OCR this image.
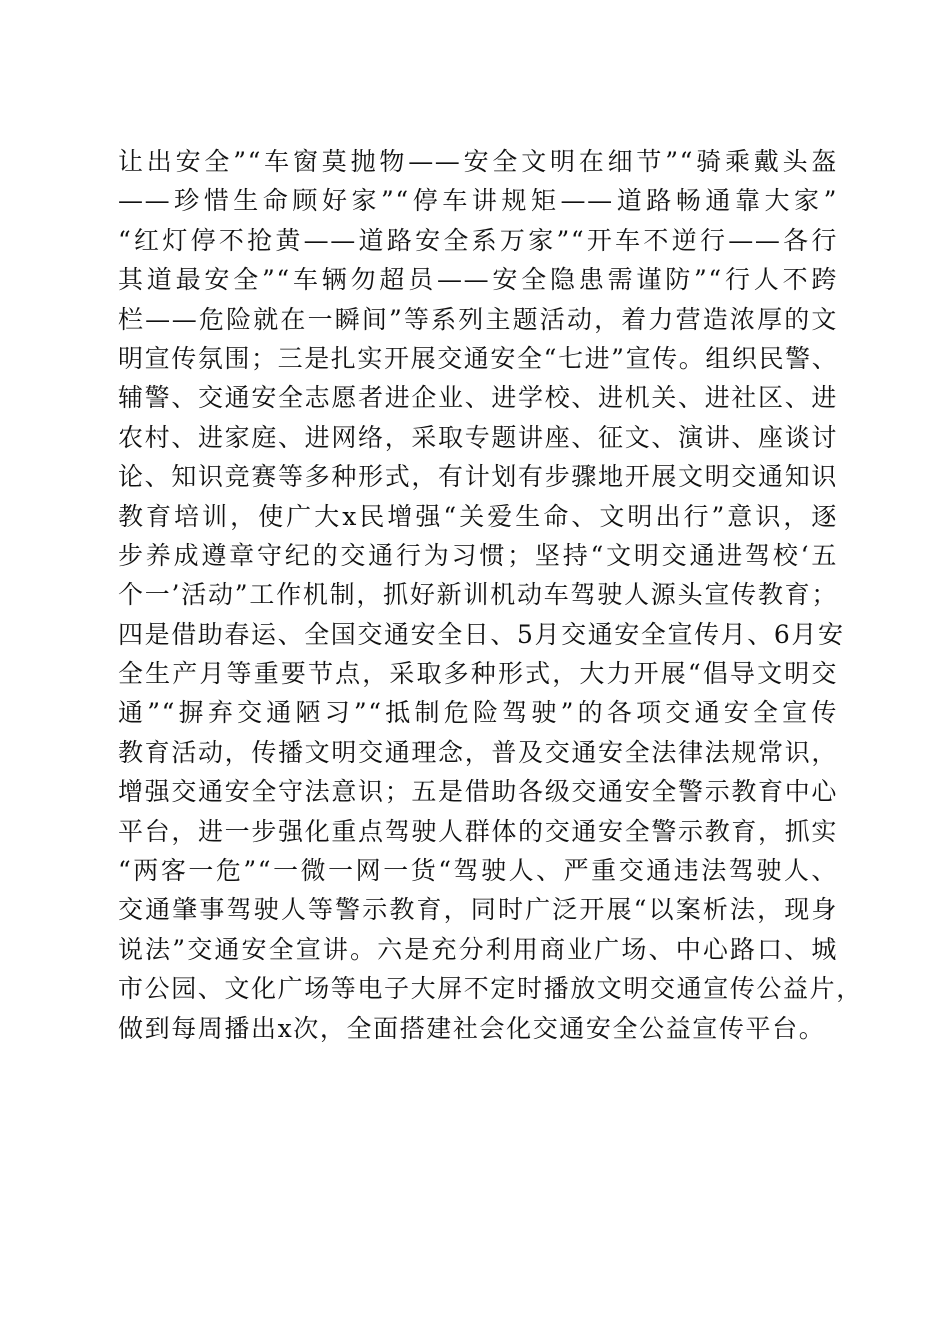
让出安全”“车窗莫抛物——安全文明在细节”“骑乘戴头盔
——珍惜生命顾好家”“停车讲规矩——道路畅通靠大家”
“红灯停不抢黄——道路安全系万家”“开车不逆行——各行
其道最安全”“车辆勿超员——安全隐患需谨防”“行人不跨
栏——危险就在一瞬间”等系列主题活动，着力营造浓厚的文
明宣传氛围；三是扎实开展交通安全“七进”宣传。组织民警、
辅警、交通安全志愿者进企业、进学校、进机关、进社区、进
农村、进家庭、进网络，采取专题讲座、征文、演讲、座谈讨
论、知识竞赛等多种形式，有计划有步骤地开展文明交通知识
教育培训，使广大x民增强“关爱生命、文明出行”意识，逐
步养成遵章守纪的交通行为习惯；坚持“文明交通进驾校‘五
个一’活动”工作机制，抓好新训机动车驾驶人源头宣传教育；
四是借助春运、全国交通安全日、5月交通安全宣传月、6月安
全生产月等重要节点，采取多种形式，大力开展“倡导文明交
通”“摒弃交通陋习”“抵制危险驾驶”的各项交通安全宣传
教育活动，传播文明交通理念，普及交通安全法律法规常识，
增强交通安全守法意识；五是借助各级交通安全警示教育中心
平台，进一步强化重点驾驶人群体的交通安全警示教育，抓实
“两客一危”“一微一网一货“驾驶人、严重交通违法驾驶人、
交通肇事驾驶人等警示教育，同时广泛开展“以案析法，现身
说法”交通安全宣讲。六是充分利用商业广场、中心路口、城
市公园、文化广场等电子大屏不定时播放文明交通宣传公益片，
做到每周播出x次，全面搭建社会化交通安全公益宣传平台。
